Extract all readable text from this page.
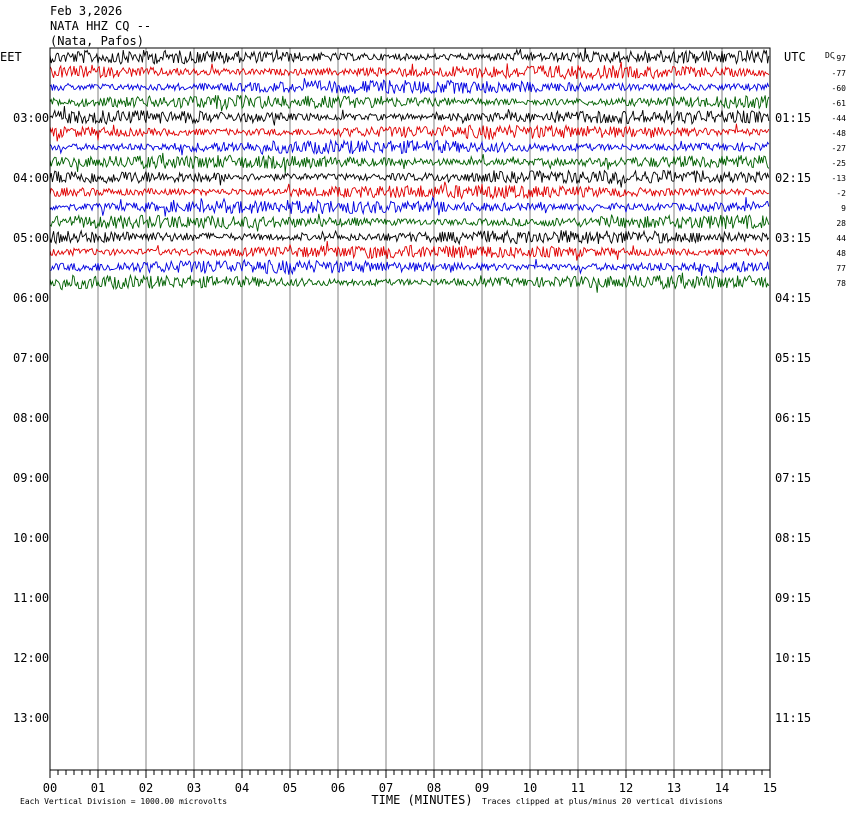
Feb 3,2026
NATA HHZ CQ --
(Nata, Pafos)
EET	UTC DC
03:00
04:00
05:00
06:00
07:00
08:00
09:00
10:00
11:00
12:00
13:00
01:15
02:15
03:15
04:15
05:15
06:15
07:15
08:15
09:15
10:15
11:15
-97
-77
-60
-61
-44
-48
-27
-25
-13
-2
9
28
44
48
77
78
00	01	02	03	04	05	06	07	08	09	10	11	12	13	14	15
TIME (MINUTES)
Each Vertical Division = 1000.00 microvolts	Traces clipped at plus/minus 20 vertical divisions
